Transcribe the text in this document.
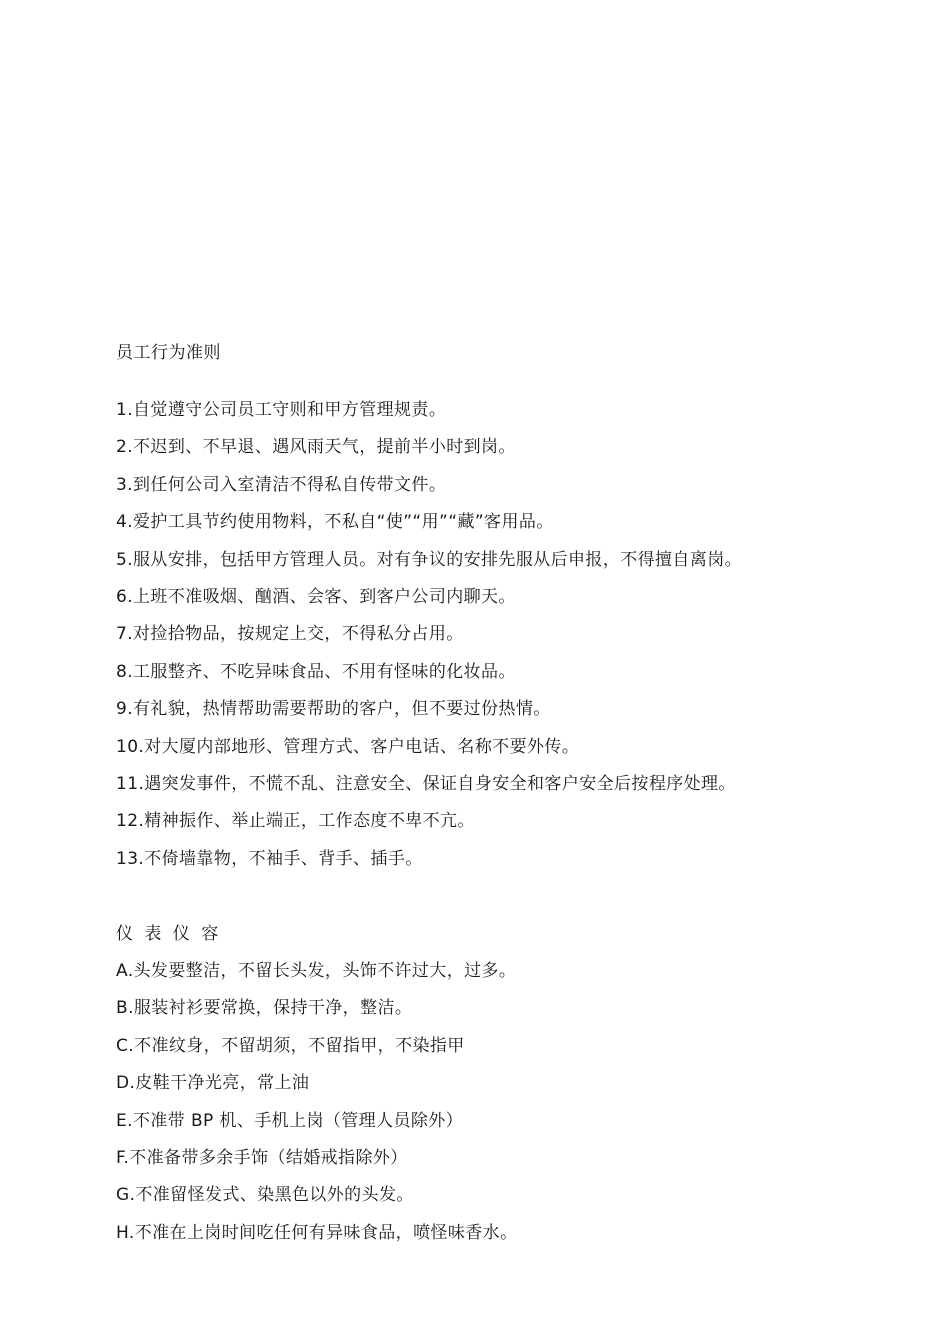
员工行为准则
1.自觉遵守公司员工守则和甲方管理规责。
2.不迟到、不早退、遇风雨天气，提前半小时到岗。
3.到任何公司入室清洁不得私自传带文件。
4.爱护工具节约使用物料，不私自“使”“用”“藏”客用品。
5.服从安排，包括甲方管理人员。对有争议的安排先服从后申报，不得擅自离岗。
6.上班不准吸烟、酗酒、会客、到客户公司内聊天。
7.对捡拾物品，按规定上交，不得私分占用。
8.工服整齐、不吃异味食品、不用有怪味的化妆品。
9.有礼貌，热情帮助需要帮助的客户，但不要过份热情。
10.对大厦内部地形、管理方式、客户电话、名称不要外传。
11.遇突发事件，不慌不乱、注意安全、保证自身安全和客户安全后按程序处理。
12.精神振作、举止端正，工作态度不卑不亢。
13.不倚墙靠物，不袖手、背手、插手。
仪 表 仪 容
A.头发要整洁，不留长头发，头饰不许过大，过多。
B.服装衬衫要常换，保持干净，整洁。
C.不准纹身，不留胡须，不留指甲，不染指甲
D.皮鞋干净光亮，常上油
E.不准带 BP 机、手机上岗（管理人员除外）
F.不准备带多余手饰（结婚戒指除外）
G.不准留怪发式、染黑色以外的头发。
H.不准在上岗时间吃任何有异味食品，喷怪味香水。
